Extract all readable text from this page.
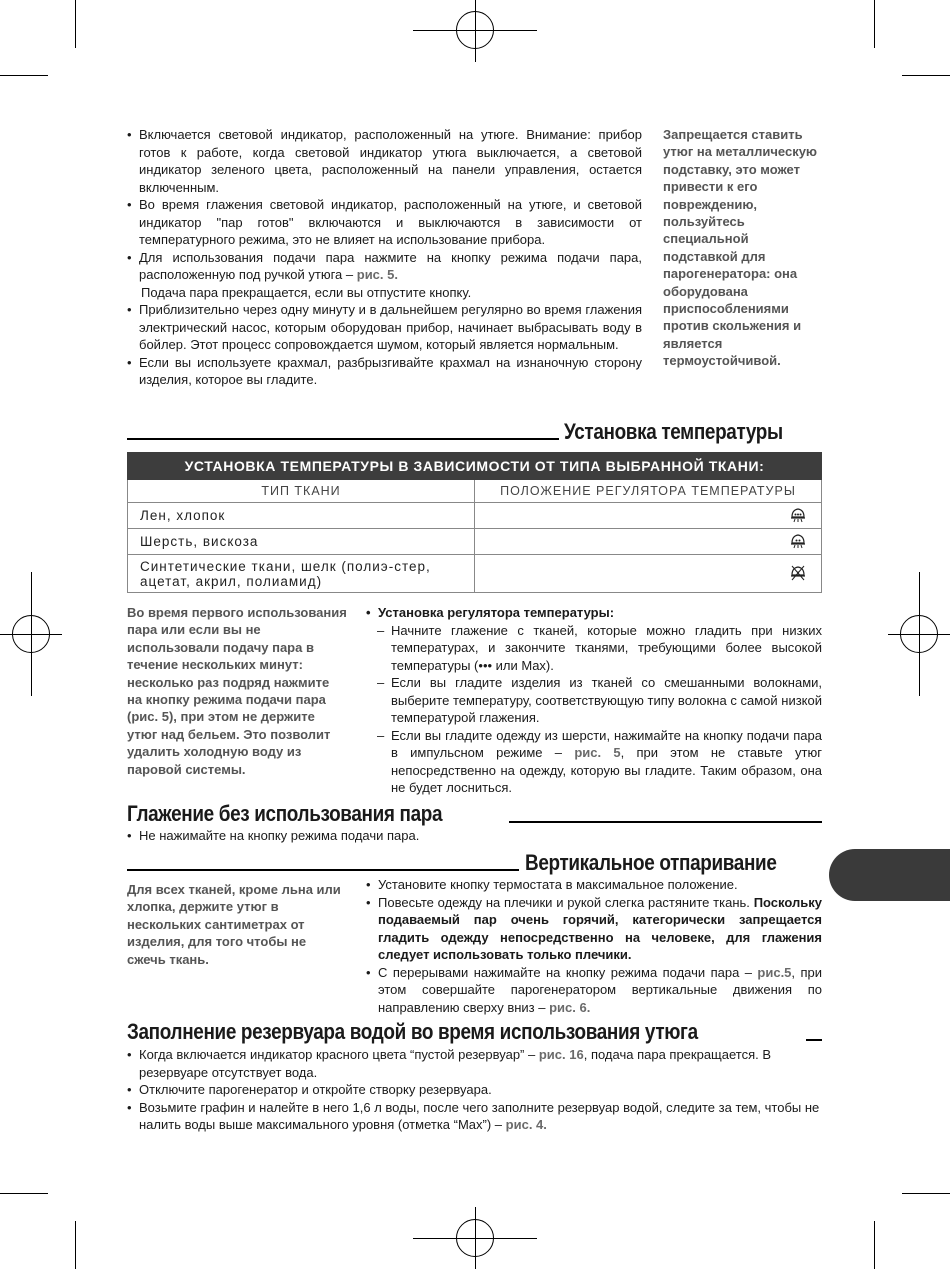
• Включается световой индикатор, расположенный на утюге. Внимание: прибор готов к работе, когда световой индикатор утюга выключается, а световой индикатор зеленого цвета, расположенный на панели управления, остается включенным.
• Во время глажения световой индикатор, расположенный на утюге, и световой индикатор "пар готов" включаются и выключаются в зависимости от температурного режима, это не влияет на использование прибора.
• Для использования подачи пара нажмите на кнопку режима подачи пара, расположенную под ручкой утюга – рис. 5.
Подача пара прекращается, если вы отпустите кнопку.
• Приблизительно через одну минуту и в дальнейшем регулярно во время глажения электрический насос, которым оборудован прибор, начинает выбрасывать воду в бойлер. Этот процесс сопровождается шумом, который является нормальным.
• Если вы используете крахмал, разбрызгивайте крахмал на изнаночную сторону изделия, которое вы гладите.
Запрещается ставить утюг на металлическую подставку, это может привести к его повреждению, пользуйтесь специальной подставкой для парогенератора: она оборудована приспособлениями против скольжения и является термоустойчивой.
Установка температуры
УСТАНОВКА ТЕМПЕРАТУРЫ В ЗАВИСИМОСТИ ОТ ТИПА ВЫБРАННОЙ ТКАНИ:	
ТИП ТКАНИ	ПОЛОЖЕНИЕ РЕГУЛЯТОРА ТЕМПЕРАТУРЫ
Лен, хлопок	
Шерсть, вискоза	
Синтетические ткани, шелк (полиэ-стер, ацетат, акрил, полиамид)	
Во время первого использования пара или если вы не использовали подачу пара в течение нескольких минут: несколько раз подряд нажмите на кнопку режима подачи пара (рис. 5), при этом не держите утюг над бельем. Это позволит удалить холодную воду из паровой системы.
• Установка регулятора температуры:
– Начните глажение с тканей, которые можно гладить при низких температурах, и закончите тканями, требующими более высокой температуры (••• или Max).
– Если вы гладите изделия из тканей со смешанными волокнами, выберите температуру, соответствующую типу волокна с самой низкой температурой глажения.
– Если вы гладите одежду из шерсти, нажимайте на кнопку подачи пара в импульсном режиме – рис. 5, при этом не ставьте утюг непосредственно на одежду, которую вы гладите. Таким образом, она не будет лосниться.
Глажение без использования пара
• Не нажимайте на кнопку режима подачи пара.
Вертикальное отпаривание
Для всех тканей, кроме льна или хлопка, держите утюг в нескольких сантиметрах от изделия, для того чтобы не сжечь ткань.
• Установите кнопку термостата в максимальное положение.
• Повесьте одежду на плечики и рукой слегка растяните ткань. Поскольку подаваемый пар очень горячий, категорически запрещается гладить одежду непосредственно на человеке, для глажения следует использовать только плечики.
• С перерывами нажимайте на кнопку режима подачи пара – рис.5, при этом совершайте парогенератором вертикальные движения по направлению сверху вниз – рис. 6.
Заполнение резервуара водой во время использования утюга
• Когда включается индикатор красного цвета “пустой резервуар” – рис. 16, подача пара прекращается. В резервуаре отсутствует вода.
• Отключите парогенератор и откройте створку резервуара.
• Возьмите графин и налейте в него 1,6 л воды, после чего заполните резервуар водой, следите за тем, чтобы не налить воды выше максимального уровня (отметка “Max”) – рис. 4.
